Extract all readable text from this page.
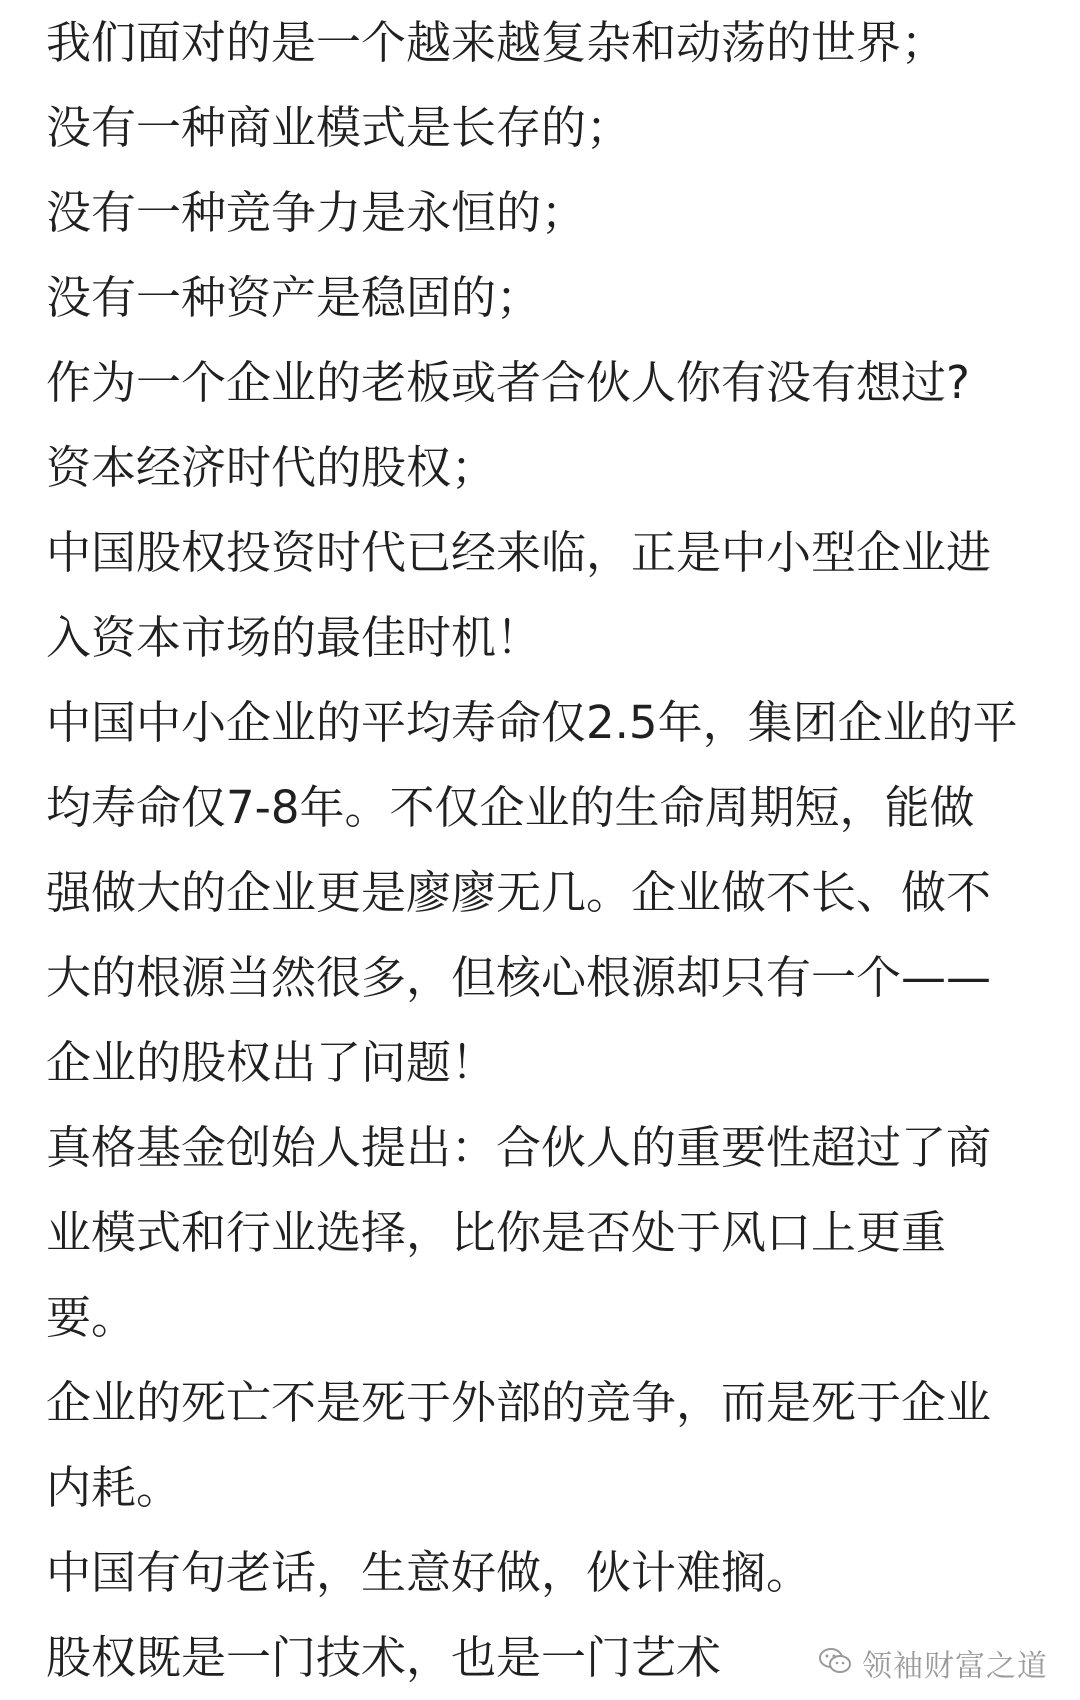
我们面对的是一个越来越复杂和动荡的世界；
没有一种商业模式是长存的；
没有一种竞争力是永恒的；
没有一种资产是稳固的；
作为一个企业的老板或者合伙人你有没有想过?
资本经济时代的股权；
中国股权投资时代已经来临，正是中小型企业进
入资本市场的最佳时机！
中国中小企业的平均寿命仅2.5年，集团企业的平
均寿命仅7-8年。不仅企业的生命周期短，能做
强做大的企业更是廖廖无几。企业做不长、做不
大的根源当然很多，但核心根源却只有一个——
企业的股权出了问题！
真格基金创始人提出：合伙人的重要性超过了商
业模式和行业选择，比你是否处于风口上更重
要。
企业的死亡不是死于外部的竞争，而是死于企业
内耗。
中国有句老话，生意好做，伙计难搁。
股权既是一门技术，也是一门艺术	领袖财富之道
